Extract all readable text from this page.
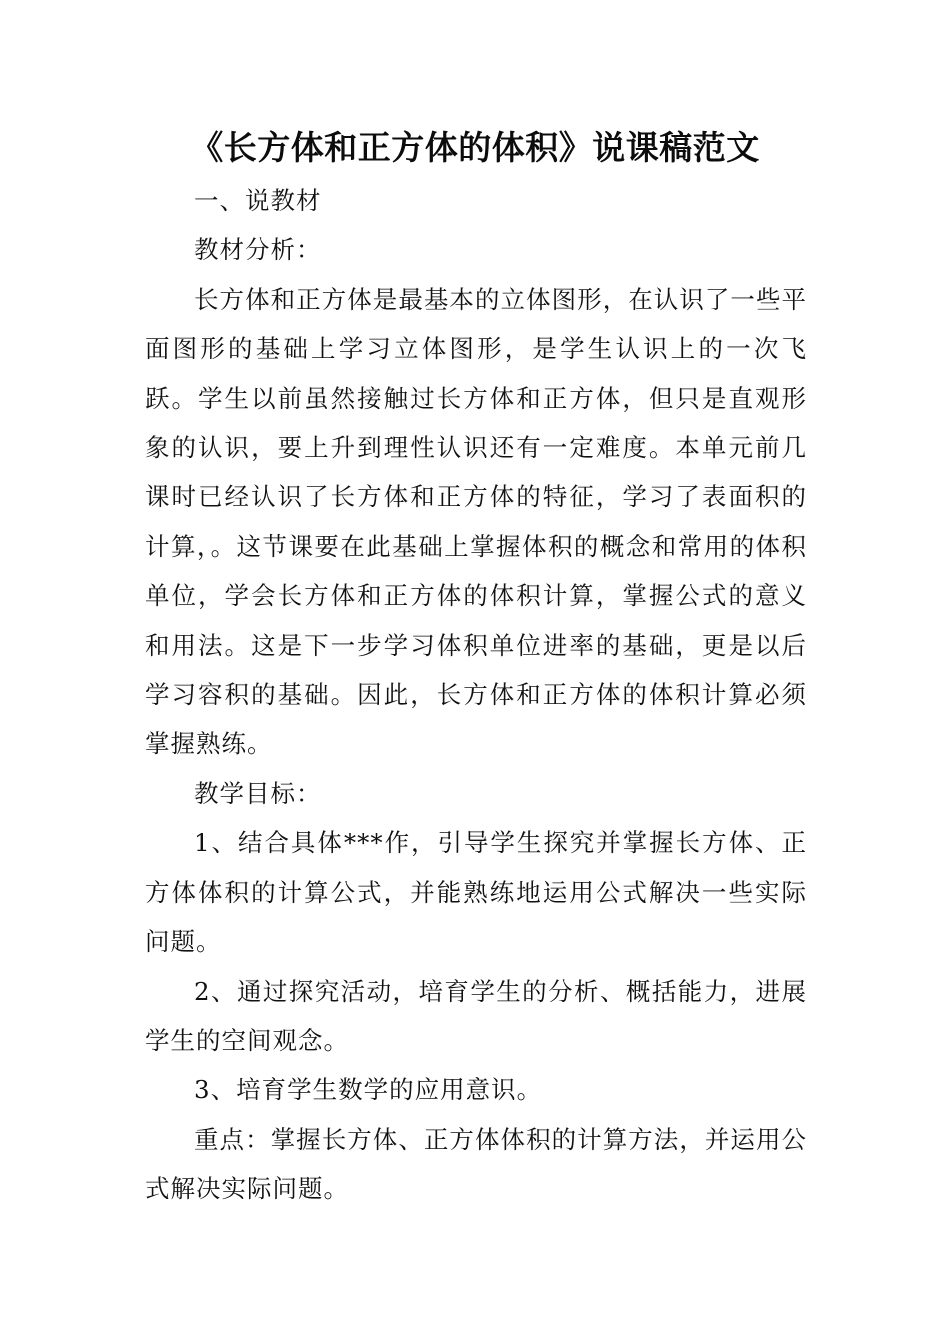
《长方体和正方体的体积》说课稿范文

一、说教材

教材分析：

长方体和正方体是最基本的立体图形，在认识了一些平面图形的基础上学习立体图形，是学生认识上的一次飞跃。学生以前虽然接触过长方体和正方体，但只是直观形象的认识，要上升到理性认识还有一定难度。本单元前几课时已经认识了长方体和正方体的特征，学习了表面积的计算，。这节课要在此基础上掌握体积的概念和常用的体积单位，学会长方体和正方体的体积计算，掌握公式的意义和用法。这是下一步学习体积单位进率的基础，更是以后学习容积的基础。因此，长方体和正方体的体积计算必须掌握熟练。

教学目标：

1、结合具体***作，引导学生探究并掌握长方体、正方体体积的计算公式，并能熟练地运用公式解决一些实际问题。

2、通过探究活动，培育学生的分析、概括能力，进展学生的空间观念。

3、培育学生数学的应用意识。

重点：掌握长方体、正方体体积的计算方法，并运用公式解决实际问题。
